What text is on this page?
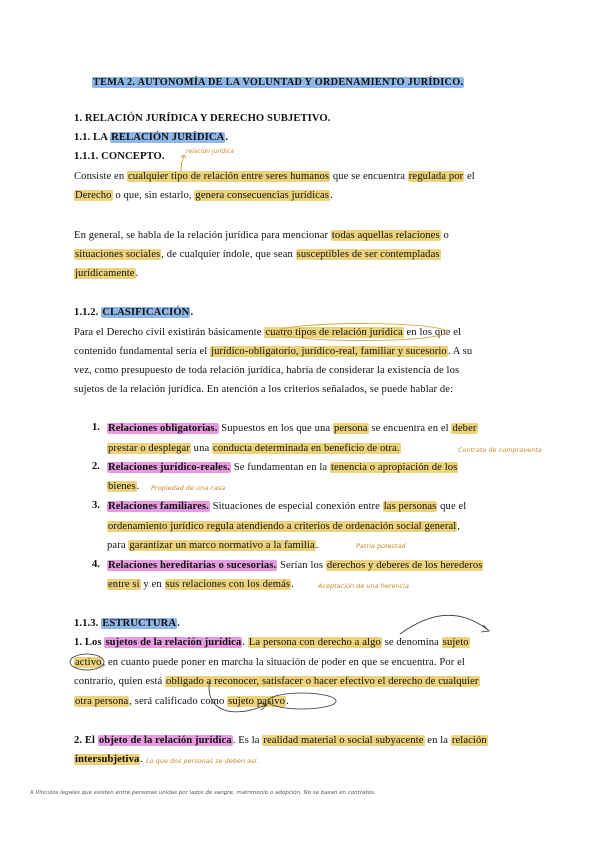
TEMA 2. AUTONOMÍA DE LA VOLUNTAD Y ORDENAMIENTO JURÍDICO.
1. RELACIÓN JURÍDICA Y DERECHO SUBJETIVO.
1.1. LA RELACIÓN JURÍDICA.
1.1.1. CONCEPTO.	relación jurídica
Consiste en cualquier tipo de relación entre seres humanos que se encuentra regulada por el
Derecho o que, sin estarlo, genera consecuencias jurídicas.
En general, se habla de la relación jurídica para mencionar todas aquellas relaciones o
situaciones sociales, de cualquier índole, que sean susceptibles de ser contempladas
jurídicamente.
1.1.2. CLASIFICACIÓN.
Para el Derecho civil existirán básicamente cuatro tipos de relación jurídica en los que el
contenido fundamental sería el jurídico-obligatorio, jurídico-real, familiar y sucesorio. A su
vez, como presupuesto de toda relación jurídica, habría de considerar la existencia de los
sujetos de la relación jurídica. En atención a los criterios señalados, se puede hablar de:
1. Relaciones obligatorias. Supuestos en los que una persona se encuentra en el deber
prestar o desplegar una conducta determinada en beneficio de otra.	Contrato de compraventa
2. Relaciones jurídico-reales. Se fundamentan en la tenencia o apropiación de los
bienes. Propiedad de una casa
3. Relaciones familiares. Situaciones de especial conexión entre las personas que el
ordenamiento jurídico regula atendiendo a criterios de ordenación social general,
para garantizar un marco normativo a la familia.	Patria potestad
4. Relaciones hereditarias o sucesorias. Serían los derechos y deberes de los herederos
entre sí y en sus relaciones con los demás.	Aceptación de una herencia
1.1.3. ESTRUCTURA.
1. Los sujetos de la relación jurídica. La persona con derecho a algo se denomina sujeto
activo, en cuanto puede poner en marcha la situación de poder en que se encuentra. Por el
contrario, quien está obligado a reconocer, satisfacer o hacer efectivo el derecho de cualquier
otra persona, será calificado como sujeto pasivo.
2. El objeto de la relación jurídica. Es la realidad material o social subyacente en la relación
intersubjetiva. Lo que dos personas se deben así.
X Vínculos legales que existen entre personas unidas por lazos de sangre, matrimonio o adopción. No se basan en contratos.
